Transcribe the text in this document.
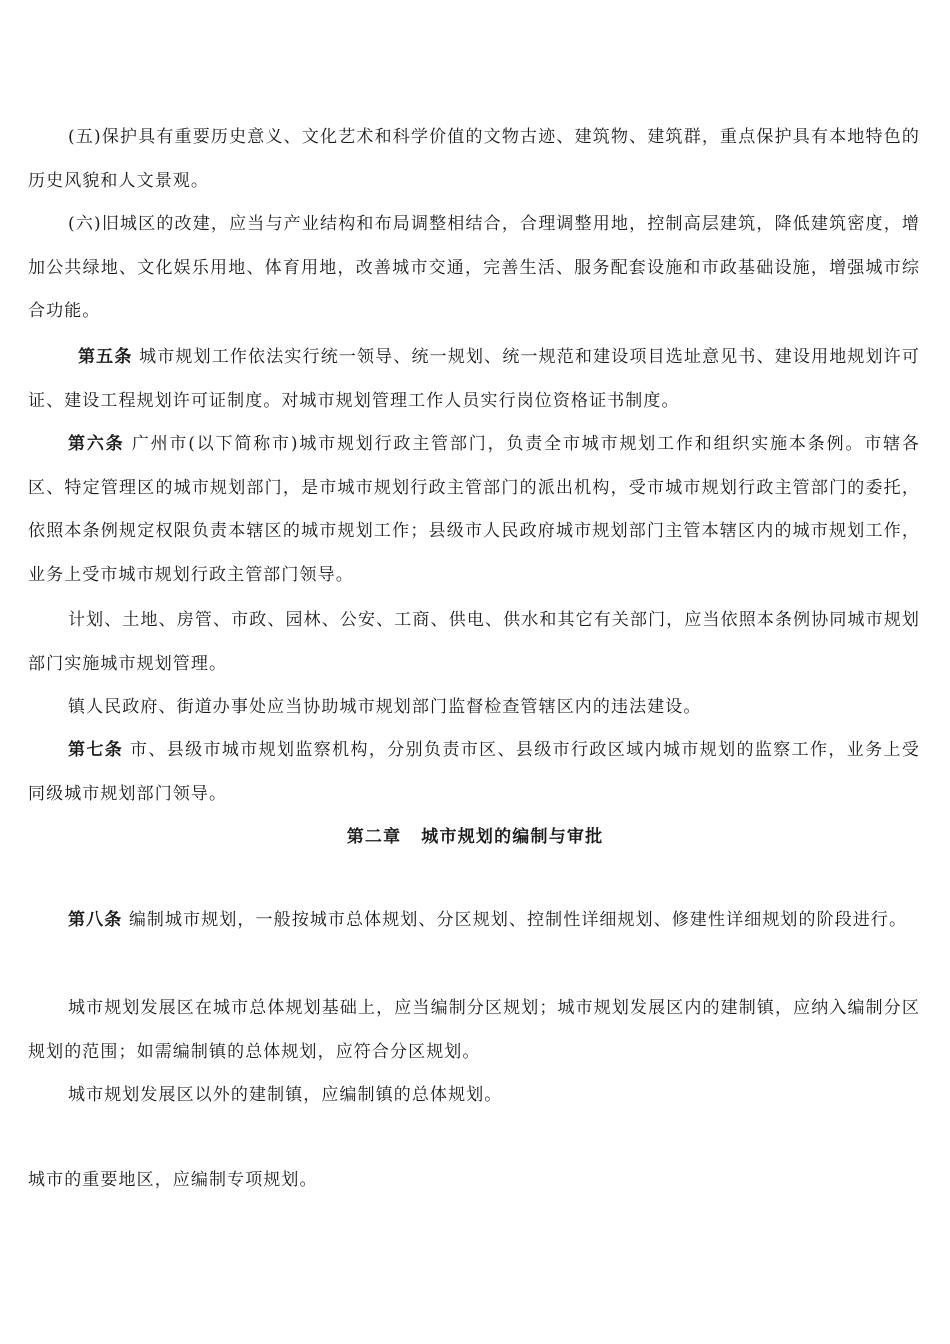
(五)保护具有重要历史意义、文化艺术和科学价值的文物古迹、建筑物、建筑群，重点保护具有本地特色的历史风貌和人文景观。

(六)旧城区的改建，应当与产业结构和布局调整相结合，合理调整用地，控制高层建筑，降低建筑密度，增加公共绿地、文化娱乐用地、体育用地，改善城市交通，完善生活、服务配套设施和市政基础设施，增强城市综合功能。

第五条 城市规划工作依法实行统一领导、统一规划、统一规范和建设项目选址意见书、建设用地规划许可证、建设工程规划许可证制度。对城市规划管理工作人员实行岗位资格证书制度。

第六条 广州市(以下简称市)城市规划行政主管部门，负责全市城市规划工作和组织实施本条例。市辖各区、特定管理区的城市规划部门，是市城市规划行政主管部门的派出机构，受市城市规划行政主管部门的委托，依照本条例规定权限负责本辖区的城市规划工作；县级市人民政府城市规划部门主管本辖区内的城市规划工作，业务上受市城市规划行政主管部门领导。

计划、土地、房管、市政、园林、公安、工商、供电、供水和其它有关部门，应当依照本条例协同城市规划部门实施城市规划管理。

镇人民政府、街道办事处应当协助城市规划部门监督检查管辖区内的违法建设。

第七条 市、县级市城市规划监察机构，分别负责市区、县级市行政区域内城市规划的监察工作，业务上受同级城市规划部门领导。

第二章 城市规划的编制与审批

第八条 编制城市规划，一般按城市总体规划、分区规划、控制性详细规划、修建性详细规划的阶段进行。

城市规划发展区在城市总体规划基础上，应当编制分区规划；城市规划发展区内的建制镇，应纳入编制分区规划的范围；如需编制镇的总体规划，应符合分区规划。

城市规划发展区以外的建制镇，应编制镇的总体规划。

城市的重要地区，应编制专项规划。
